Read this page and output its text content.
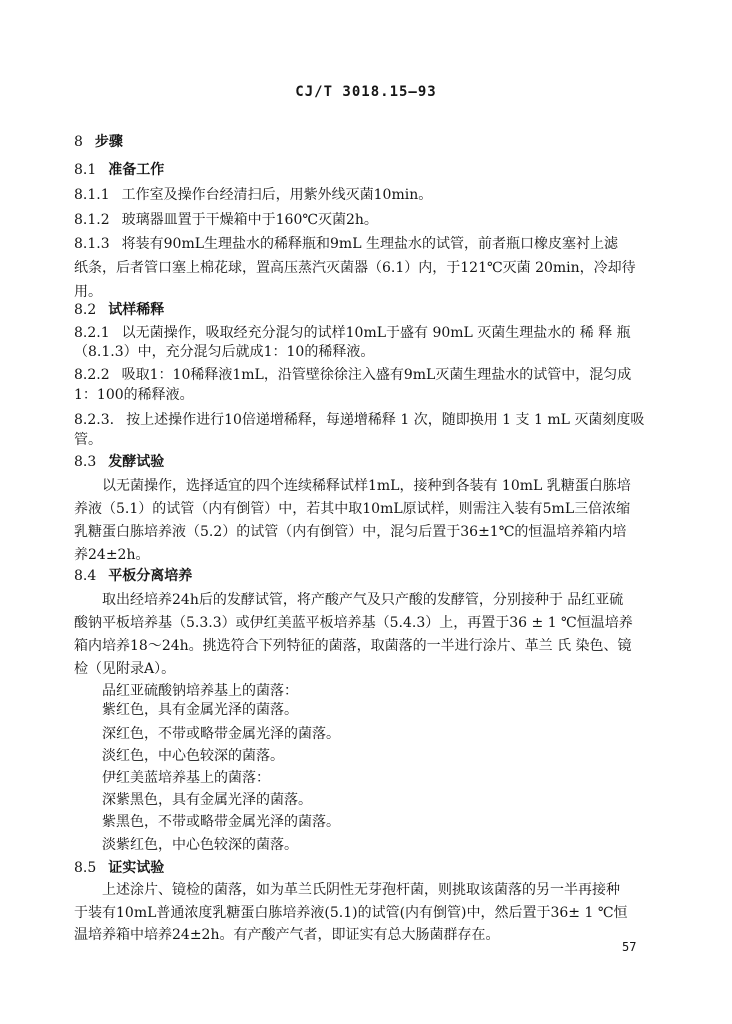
CJ/T 3018.15—93
8 步骤
8.1 准备工作
8.1.1 工作室及操作台经清扫后，用紫外线灭菌10min。
8.1.2 玻璃器皿置于干燥箱中于160℃灭菌2h。
8.1.3 将装有90mL生理盐水的稀释瓶和9mL 生理盐水的试管，前者瓶口橡皮塞衬上滤
纸条，后者管口塞上棉花球，置高压蒸汽灭菌器（6.1）内，于121℃灭菌 20min，冷却待
用。
8.2 试样稀释
8.2.1 以无菌操作，吸取经充分混匀的试样10mL于盛有 90mL 灭菌生理盐水的 稀 释 瓶
（8.1.3）中，充分混匀后就成1：10的稀释液。
8.2.2 吸取1：10稀释液1mL，沿管壁徐徐注入盛有9mL灭菌生理盐水的试管中，混匀成
1：100的稀释液。
8.2.3. 按上述操作进行10倍递增稀释，每递增稀释 1 次，随即换用 1 支 1 mL 灭菌刻度吸
管。
8.3 发酵试验
以无菌操作，选择适宜的四个连续稀释试样1mL，接种到各装有 10mL 乳糖蛋白胨培
养液（5.1）的试管（内有倒管）中，若其中取10mL原试样，则需注入装有5mL三倍浓缩
乳糖蛋白胨培养液（5.2）的试管（内有倒管）中，混匀后置于36±1℃的恒温培养箱内培
养24±2h。
8.4 平板分离培养
取出经培养24h后的发酵试管，将产酸产气及只产酸的发酵管，分别接种于 品红亚硫
酸钠平板培养基（5.3.3）或伊红美蓝平板培养基（5.4.3）上，再置于36 ± 1 ℃恒温培养
箱内培养18～24h。挑选符合下列特征的菌落，取菌落的一半进行涂片、革兰 氏 染色、镜
检（见附录A）。
品红亚硫酸钠培养基上的菌落：
紫红色，具有金属光泽的菌落。
深红色，不带或略带金属光泽的菌落。
淡红色，中心色较深的菌落。
伊红美蓝培养基上的菌落：
深紫黑色，具有金属光泽的菌落。
紫黑色，不带或略带金属光泽的菌落。
淡紫红色，中心色较深的菌落。
8.5 证实试验
上述涂片、镜检的菌落，如为革兰氏阴性无芽孢杆菌，则挑取该菌落的另一半再接种
于装有10mL普通浓度乳糖蛋白胨培养液(5.1)的试管(内有倒管)中，然后置于36± 1 ℃恒
温培养箱中培养24±2h。有产酸产气者，即证实有总大肠菌群存在。
57
